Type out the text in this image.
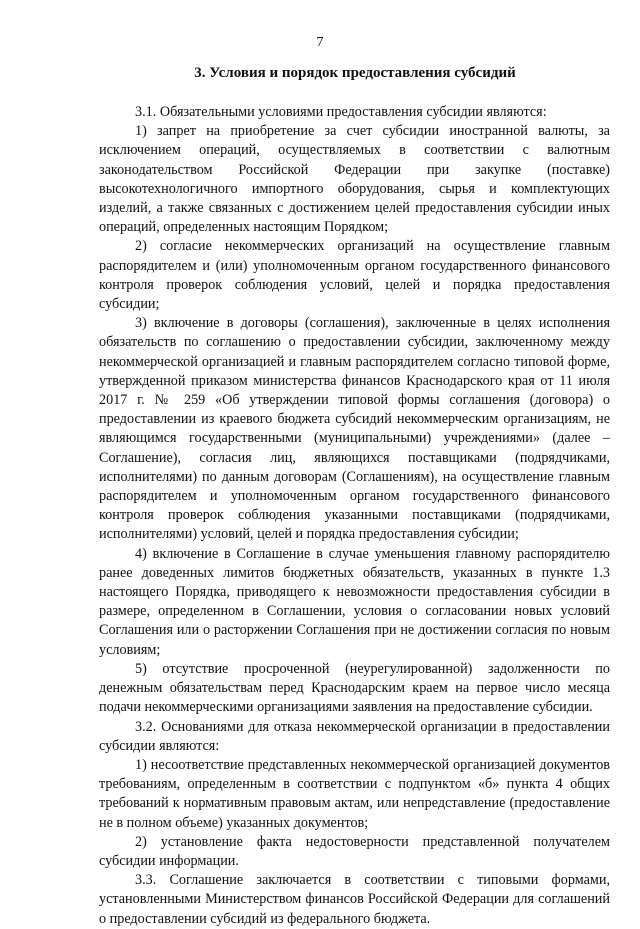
7
3. Условия и порядок предоставления субсидий

3.1. Обязательными условиями предоставления субсидии являются:

1) запрет на приобретение за счет субсидии иностранной валюты, за исключением операций, осуществляемых в соответствии с валютным законодательством Российской Федерации при закупке (поставке) высокотехнологичного импортного оборудования, сырья и комплектующих изделий, а также связанных с достижением целей предоставления субсидии иных операций, определенных настоящим Порядком;

2) согласие некоммерческих организаций на осуществление главным распорядителем и (или) уполномоченным органом государственного финансового контроля проверок соблюдения условий, целей и порядка предоставления субсидии;

3) включение в договоры (соглашения), заключенные в целях исполнения обязательств по соглашению о предоставлении субсидии, заключенному между некоммерческой организацией и главным распорядителем согласно типовой форме, утвержденной приказом министерства финансов Краснодарского края от 11 июля 2017 г. № 259 «Об утверждении типовой формы соглашения (договора) о предоставлении из краевого бюджета субсидий некоммерческим организациям, не являющимся государственными (муниципальными) учреждениями» (далее – Соглашение), согласия лиц, являющихся поставщиками (подрядчиками, исполнителями) по данным договорам (Соглашениям), на осуществление главным распорядителем и уполномоченным органом государственного финансового контроля проверок соблюдения указанными поставщиками (подрядчиками, исполнителями) условий, целей и порядка предоставления субсидии;

4) включение в Соглашение в случае уменьшения главному распорядителю ранее доведенных лимитов бюджетных обязательств, указанных в пункте 1.3 настоящего Порядка, приводящего к невозможности предоставления субсидии в размере, определенном в Соглашении, условия о согласовании новых условий Соглашения или о расторжении Соглашения при не достижении согласия по новым условиям;

5) отсутствие просроченной (неурегулированной) задолженности по денежным обязательствам перед Краснодарским краем на первое число месяца подачи некоммерческими организациями заявления на предоставление субсидии.

3.2. Основаниями для отказа некоммерческой организации в предоставлении субсидии являются:

1) несоответствие представленных некоммерческой организацией документов требованиям, определенным в соответствии с подпунктом «б» пункта 4 общих требований к нормативным правовым актам, или непредставление (предоставление не в полном объеме) указанных документов;

2) установление факта недостоверности представленной получателем субсидии информации.

3.3. Соглашение заключается в соответствии с типовыми формами, установленными Министерством финансов Российской Федерации для соглашений о предоставлении субсидий из федерального бюджета.
